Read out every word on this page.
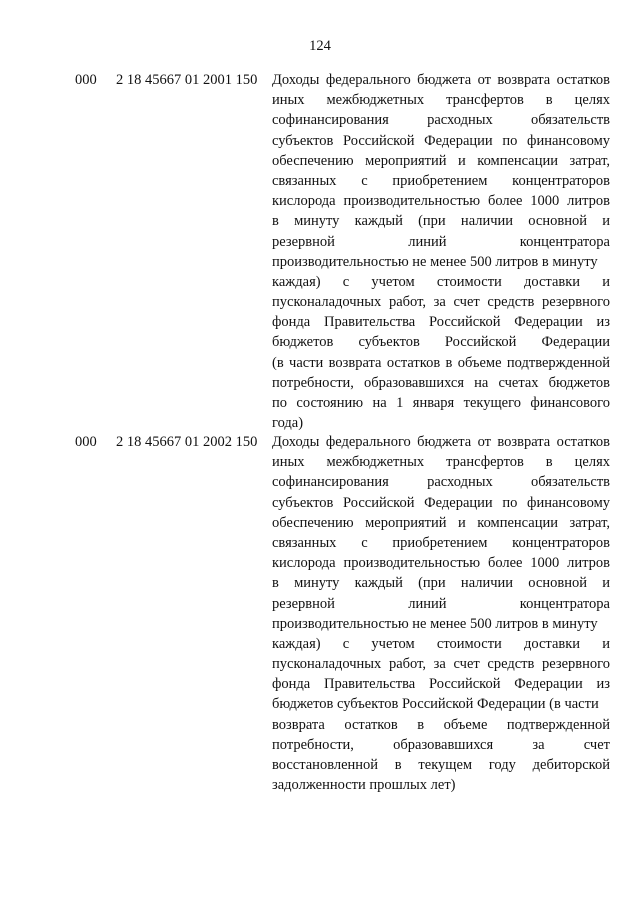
124
000 2 18 45667 01 2001 150 Доходы федерального бюджета от возврата остатков
иных межбюджетных трансфертов в целях
софинансирования расходных обязательств
субъектов Российской Федерации по финансовому
обеспечению мероприятий и компенсации затрат,
связанных с приобретением концентраторов
кислорода производительностью более 1000 литров
в минуту каждый (при наличии основной и
резервной линий концентратора
производительностью не менее 500 литров в минуту
каждая) с учетом стоимости доставки и
пусконаладочных работ, за счет средств резервного
фонда Правительства Российской Федерации из
бюджетов субъектов Российской Федерации
(в части возврата остатков в объеме подтвержденной
потребности, образовавшихся на счетах бюджетов
по состоянию на 1 января текущего финансового
года)
000 2 18 45667 01 2002 150 Доходы федерального бюджета от возврата остатков
иных межбюджетных трансфертов в целях
софинансирования расходных обязательств
субъектов Российской Федерации по финансовому
обеспечению мероприятий и компенсации затрат,
связанных с приобретением концентраторов
кислорода производительностью более 1000 литров
в минуту каждый (при наличии основной и
резервной линий концентратора
производительностью не менее 500 литров в минуту
каждая) с учетом стоимости доставки и
пусконаладочных работ, за счет средств резервного
фонда Правительства Российской Федерации из
бюджетов субъектов Российской Федерации (в части
возврата остатков в объеме подтвержденной
потребности, образовавшихся за счет
восстановленной в текущем году дебиторской
задолженности прошлых лет)
